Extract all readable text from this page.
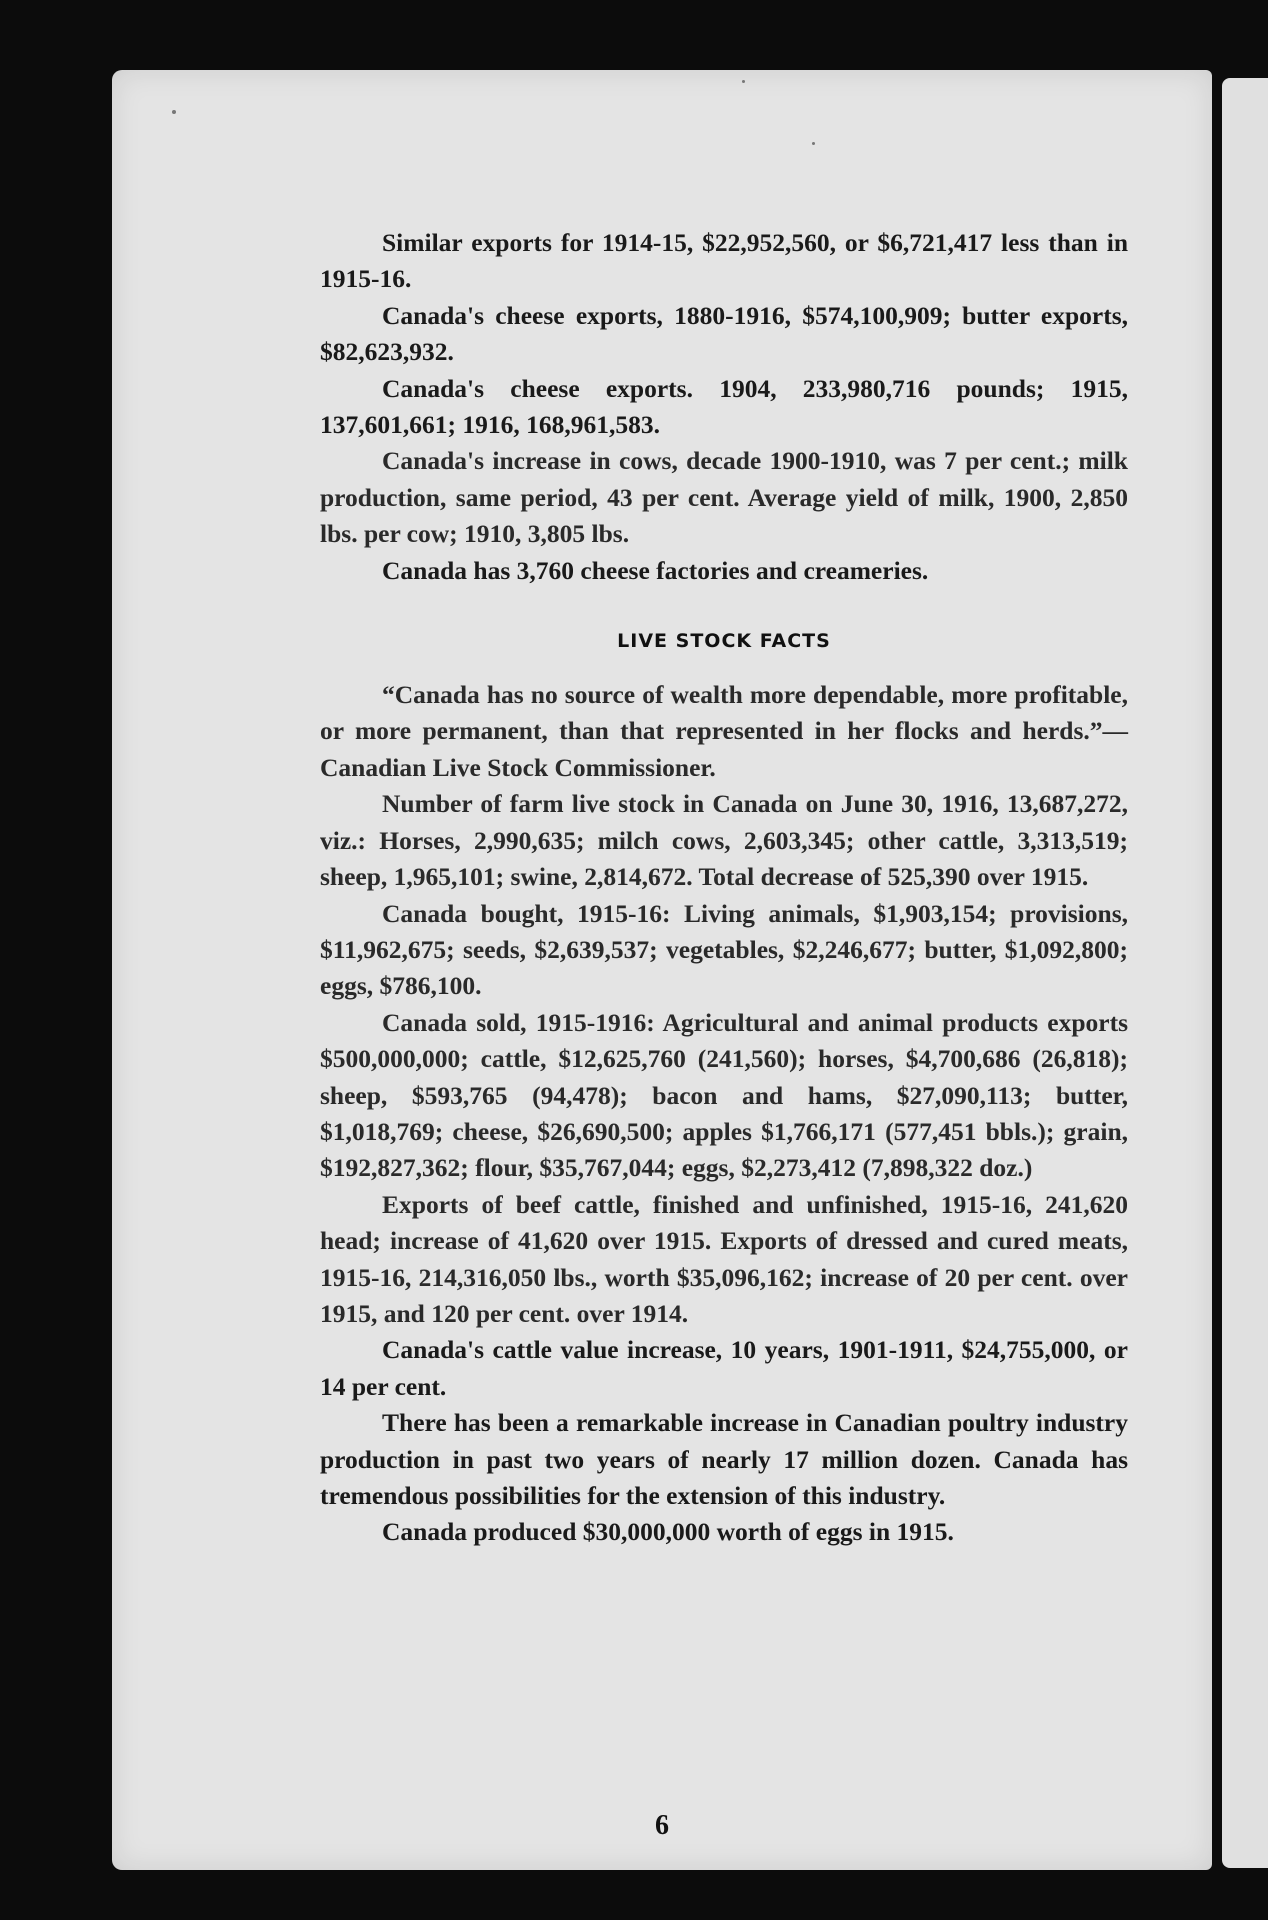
6

Similar exports for 1914-15, $22,952,560, or $6,721,417 less than in 1915-16.

Canada's cheese exports, 1880-1916, $574,100,909; butter exports, $82,623,932.

Canada's cheese exports. 1904, 233,980,716 pounds; 1915, 137,601,661; 1916, 168,961,583.

Canada's increase in cows, decade 1900-1910, was 7 per cent.; milk production, same period, 43 per cent. Average yield of milk, 1900, 2,850 lbs. per cow; 1910, 3,805 lbs.

Canada has 3,760 cheese factories and creameries.

LIVE STOCK FACTS

“Canada has no source of wealth more dependable, more profitable, or more permanent, than that represented in her flocks and herds.”—Canadian Live Stock Commissioner.

Number of farm live stock in Canada on June 30, 1916, 13,687,272, viz.: Horses, 2,990,635; milch cows, 2,603,345; other cattle, 3,313,519; sheep, 1,965,101; swine, 2,814,672. Total decrease of 525,390 over 1915.

Canada bought, 1915-16: Living animals, $1,903,154; provisions, $11,962,675; seeds, $2,639,537; vegetables, $2,246,677; butter, $1,092,800; eggs, $786,100.

Canada sold, 1915-1916: Agricultural and animal products exports $500,000,000; cattle, $12,625,760 (241,560); horses, $4,700,686 (26,818); sheep, $593,765 (94,478); bacon and hams, $27,090,113; butter, $1,018,769; cheese, $26,690,500; apples $1,766,171 (577,451 bbls.); grain, $192,827,362; flour, $35,767,044; eggs, $2,273,412 (7,898,322 doz.)

Exports of beef cattle, finished and unfinished, 1915-16, 241,620 head; increase of 41,620 over 1915. Exports of dressed and cured meats, 1915-16, 214,316,050 lbs., worth $35,096,162; increase of 20 per cent. over 1915, and 120 per cent. over 1914.

Canada's cattle value increase, 10 years, 1901-1911, $24,755,000, or 14 per cent.

There has been a remarkable increase in Canadian poultry industry production in past two years of nearly 17 million dozen. Canada has tremendous possibilities for the extension of this industry.

Canada produced $30,000,000 worth of eggs in 1915.
